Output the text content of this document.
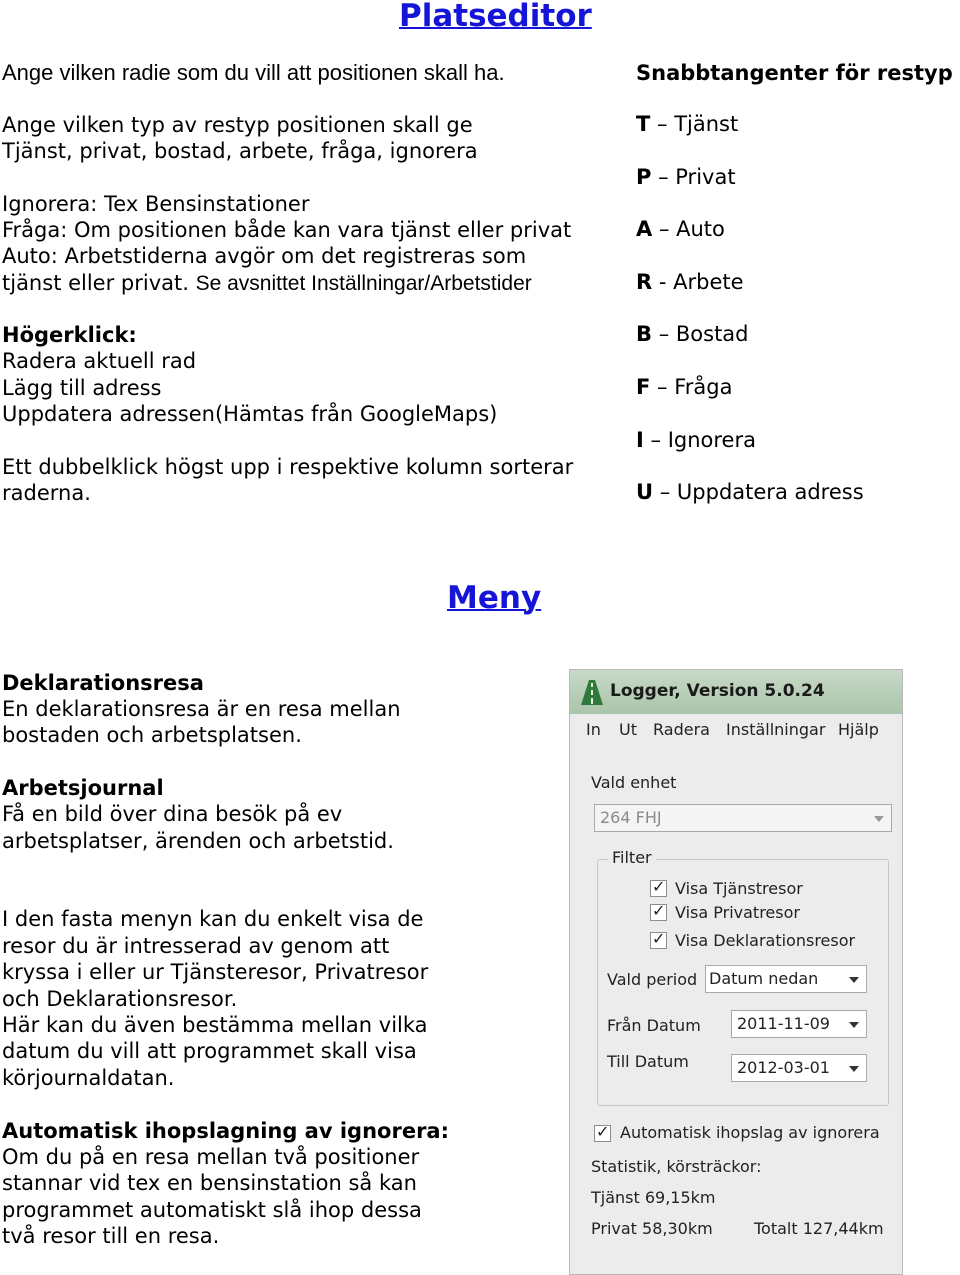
Platseditor
Ange vilken radie som du vill att positionen skall ha.
Ange vilken typ av restyp positionen skall ge
Tjänst, privat, bostad, arbete, fråga, ignorera
Ignorera: Tex Bensinstationer
Fråga: Om positionen både kan vara tjänst eller privat
Auto: Arbetstiderna avgör om det registreras som
tjänst eller privat. Se avsnittet Inställningar/Arbetstider
Högerklick:
Radera aktuell rad
Lägg till adress
Uppdatera adressen(Hämtas från GoogleMaps)
Ett dubbelklick högst upp i respektive kolumn sorterar
raderna.
Snabbtangenter för restyp
T – Tjänst
P – Privat
A – Auto
R - Arbete
B – Bostad
F – Fråga
I – Ignorera
U – Uppdatera adress
Meny
Deklarationsresa
En deklarationsresa är en resa mellan
bostaden och arbetsplatsen.
Arbetsjournal
Få en bild över dina besök på ev
arbetsplatser, ärenden och arbetstid.
I den fasta menyn kan du enkelt visa de
resor du är intresserad av genom att
kryssa i eller ur Tjänsteresor, Privatresor
och Deklarationsresor.
Här kan du även bestämma mellan vilka
datum du vill att programmet skall visa
körjournaldatan.
Automatisk ihopslagning av ignorera:
Om du på en resa mellan två positioner
stannar vid tex en bensinstation så kan
programmet automatiskt slå ihop dessa
två resor till en resa.
Logger, Version 5.0.24
In Ut Radera Inställningar Hjälp
Vald enhet
264 FHJ
Filter
✓
Visa Tjänstresor
✓
Visa Privatresor
✓
Visa Deklarationsresor
Vald period Datum nedan
Från Datum 2011-11-09
Till Datum	2012-03-01
✓
Automatisk ihopslag av ignorera
Statistik, körsträckor:
Tjänst 69,15km
Privat 58,30km	Totalt 127,44km
